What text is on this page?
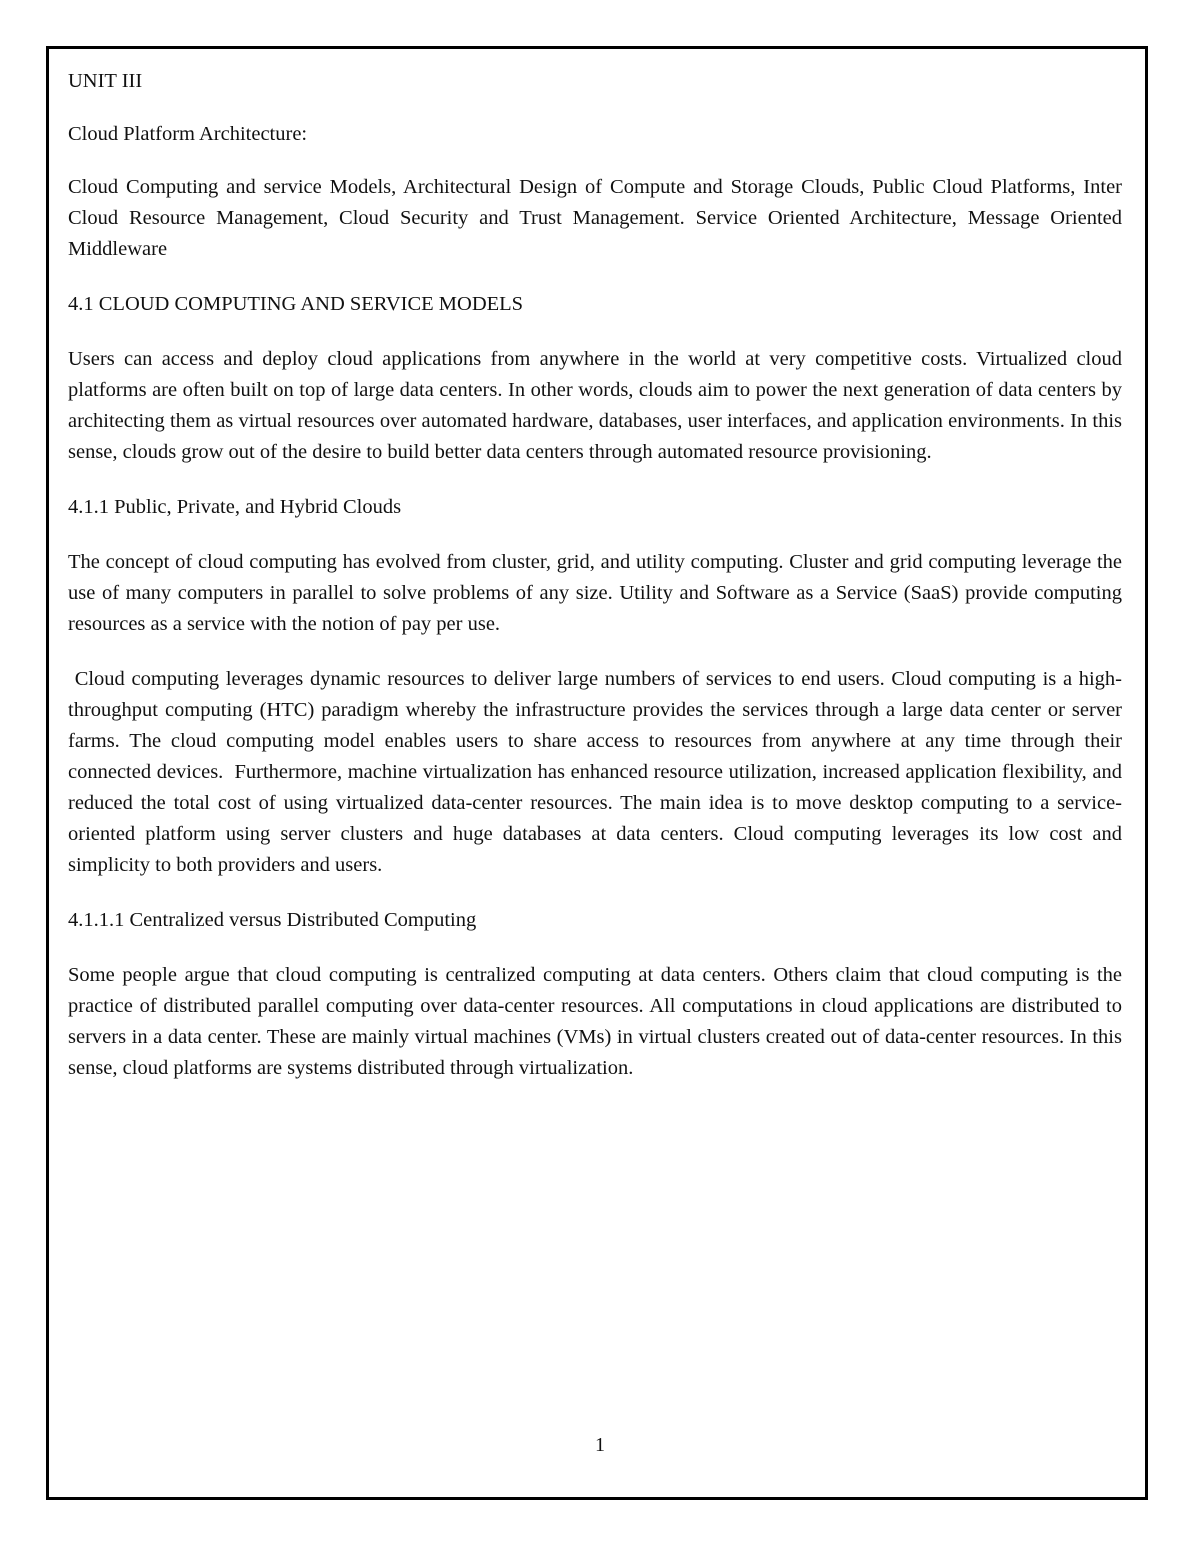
UNIT III

Cloud Platform Architecture:

Cloud Computing and service Models, Architectural Design of Compute and Storage Clouds, Public Cloud Platforms, Inter Cloud Resource Management, Cloud Security and Trust Management. Service Oriented Architecture, Message Oriented Middleware

4.1 CLOUD COMPUTING AND SERVICE MODELS

Users can access and deploy cloud applications from anywhere in the world at very competitive costs. Virtualized cloud platforms are often built on top of large data centers. In other words, clouds aim to power the next generation of data centers by architecting them as virtual resources over automated hardware, databases, user interfaces, and application environments. In this sense, clouds grow out of the desire to build better data centers through automated resource provisioning.

4.1.1 Public, Private, and Hybrid Clouds

The concept of cloud computing has evolved from cluster, grid, and utility computing. Cluster and grid computing leverage the use of many computers in parallel to solve problems of any size. Utility and Software as a Service (SaaS) provide computing resources as a service with the notion of pay per use.

Cloud computing leverages dynamic resources to deliver large numbers of services to end users. Cloud computing is a high-throughput computing (HTC) paradigm whereby the infrastructure provides the services through a large data center or server farms. The cloud computing model enables users to share access to resources from anywhere at any time through their connected devices.  Furthermore, machine virtualization has enhanced resource utilization, increased application flexibility, and reduced the total cost of using virtualized data-center resources. The main idea is to move desktop computing to a service-oriented platform using server clusters and huge databases at data centers. Cloud computing leverages its low cost and simplicity to both providers and users.

4.1.1.1 Centralized versus Distributed Computing

Some people argue that cloud computing is centralized computing at data centers. Others claim that cloud computing is the practice of distributed parallel computing over data-center resources. All computations in cloud applications are distributed to servers in a data center. These are mainly virtual machines (VMs) in virtual clusters created out of data-center resources. In this sense, cloud platforms are systems distributed through virtualization.

1
